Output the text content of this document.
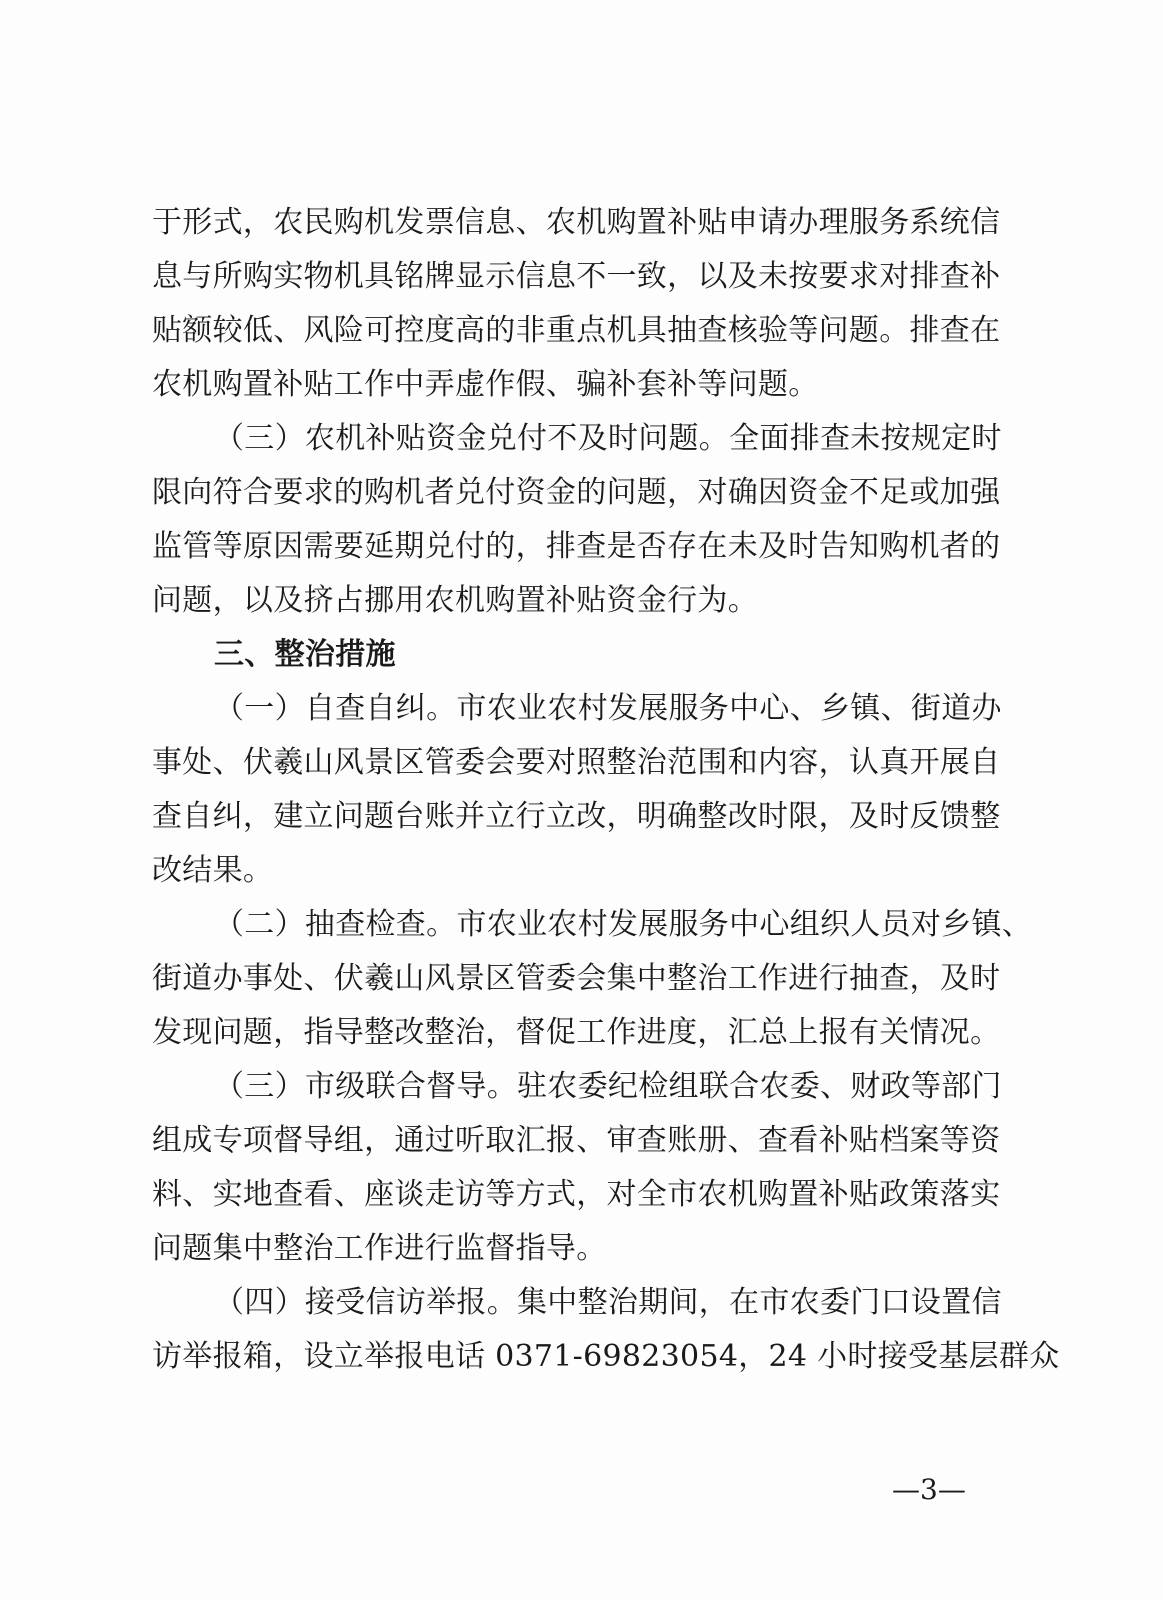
于形式，农民购机发票信息、农机购置补贴申请办理服务系统信
息与所购实物机具铭牌显示信息不一致，以及未按要求对排查补
贴额较低、风险可控度高的非重点机具抽查核验等问题。排查在
农机购置补贴工作中弄虚作假、骗补套补等问题。
（三）农机补贴资金兑付不及时问题。全面排查未按规定时
限向符合要求的购机者兑付资金的问题，对确因资金不足或加强
监管等原因需要延期兑付的，排查是否存在未及时告知购机者的
问题，以及挤占挪用农机购置补贴资金行为。
三、整治措施
（一）自查自纠。市农业农村发展服务中心、乡镇、街道办
事处、伏羲山风景区管委会要对照整治范围和内容，认真开展自
查自纠，建立问题台账并立行立改，明确整改时限，及时反馈整
改结果。
（二）抽查检查。市农业农村发展服务中心组织人员对乡镇、
街道办事处、伏羲山风景区管委会集中整治工作进行抽查，及时
发现问题，指导整改整治，督促工作进度，汇总上报有关情况。
（三）市级联合督导。驻农委纪检组联合农委、财政等部门
组成专项督导组，通过听取汇报、审查账册、查看补贴档案等资
料、实地查看、座谈走访等方式，对全市农机购置补贴政策落实
问题集中整治工作进行监督指导。
（四）接受信访举报。集中整治期间，在市农委门口设置信
访举报箱，设立举报电话 0371-69823054，24 小时接受基层群众
—3—
